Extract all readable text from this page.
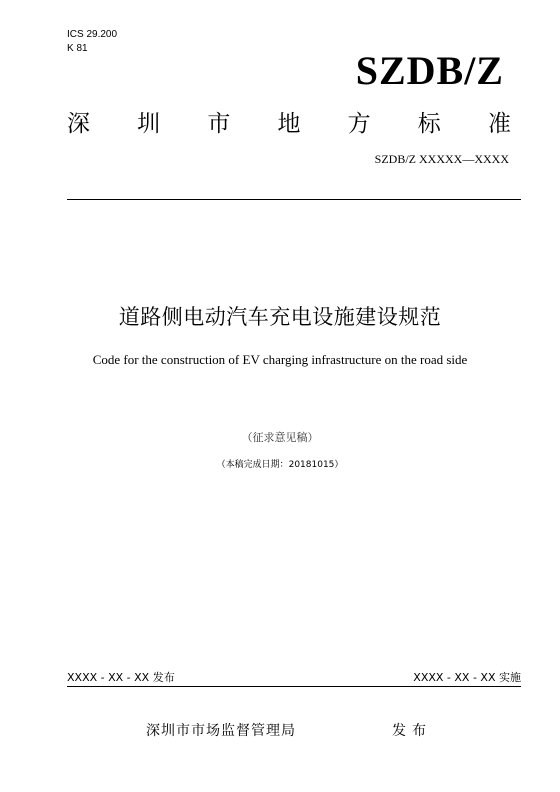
ICS 29.200
K 81	SZDB/Z
深 圳 市 地 方 标 准
SZDB/Z XXXXX—XXXX
道路侧电动汽车充电设施建设规范
Code for the construction of EV charging infrastructure on the road side
（征求意见稿）
（本稿完成日期：20181015）
XXXX - XX - XX 发布	XXXX - XX - XX 实施
深圳市市场监督管理局	发布
